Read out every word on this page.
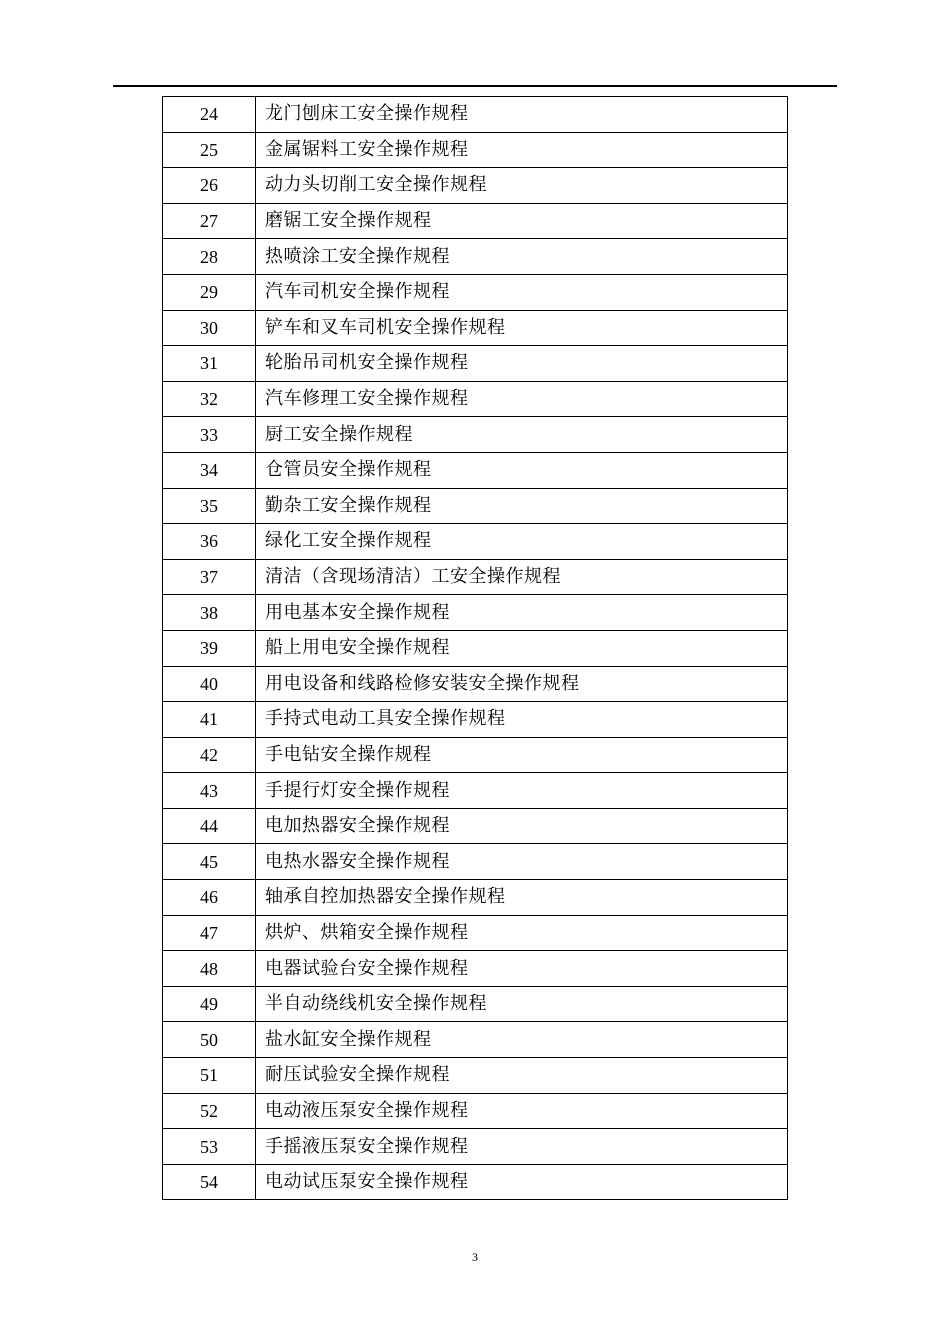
24	龙门刨床工安全操作规程
25	金属锯料工安全操作规程
26	动力头切削工安全操作规程
27	磨锯工安全操作规程
28	热喷涂工安全操作规程
29	汽车司机安全操作规程
30	铲车和叉车司机安全操作规程
31	轮胎吊司机安全操作规程
32	汽车修理工安全操作规程
33	厨工安全操作规程
34	仓管员安全操作规程
35	勤杂工安全操作规程
36	绿化工安全操作规程
37	清洁（含现场清洁）工安全操作规程
38	用电基本安全操作规程
39	船上用电安全操作规程
40	用电设备和线路检修安装安全操作规程
41	手持式电动工具安全操作规程
42	手电钻安全操作规程
43	手提行灯安全操作规程
44	电加热器安全操作规程
45	电热水器安全操作规程
46	轴承自控加热器安全操作规程
47	烘炉、烘箱安全操作规程
48	电器试验台安全操作规程
49	半自动绕线机安全操作规程
50	盐水缸安全操作规程
51	耐压试验安全操作规程
52	电动液压泵安全操作规程
53	手摇液压泵安全操作规程
54	电动试压泵安全操作规程
3
